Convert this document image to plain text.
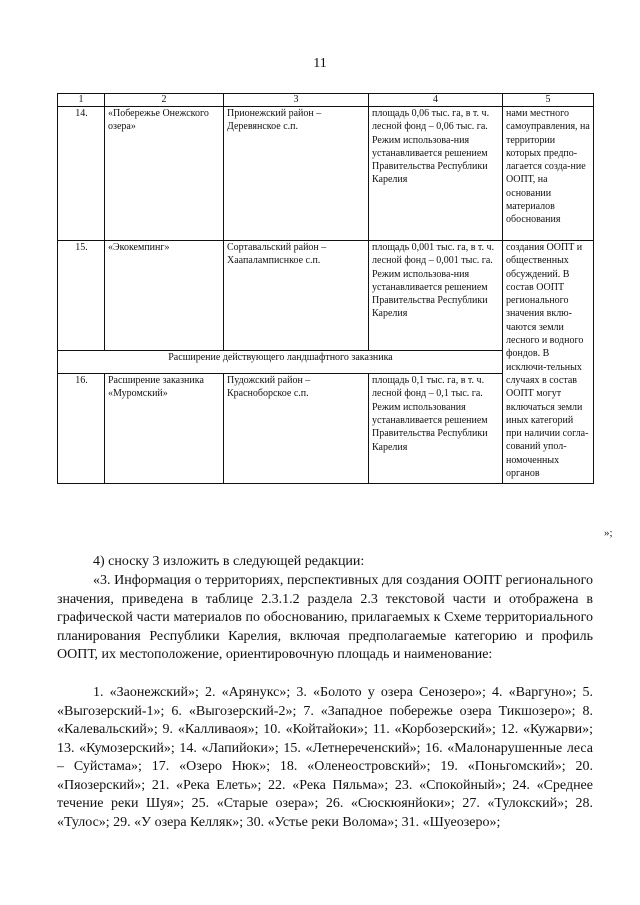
11
1	2	3	4	5
14.	«Побережье Онежского озера»	Прионежский район – Деревянское с.п.	площадь 0,06 тыс. га, в т. ч. лесной фонд – 0,06 тыс. га. Режим использова-ния устанавливается решением Правительства Республики Карелия	нами местного самоуправления, на территории которых предпо-лагается созда-ние ООПТ, на основании материалов обоснования
15.	«Экокемпинг»	Сортавальский район – Хаапаламписнкое с.п.	площадь 0,001 тыс. га, в т. ч. лесной фонд – 0,001 тыс. га. Режим использова-ния устанавливается решением Правительства Республики Карелия	создания ООПТ и общественных обсуждений. В состав ООПТ регионального значения вклю-чаются земли лесного и водного фондов. В исключи-тельных случаях в состав ООПТ могут включаться земли иных категорий при наличии согла-сований упол-номоченных органов
Расширение действующего ландшафтного заказника				
16.	Расширение заказника «Муромский»	Пудожский район – Красноборское с.п.	площадь 0,1 тыс. га, в т. ч. лесной фонд – 0,1 тыс. га. Режим использования устанавливается решением Правительства Республики Карелия	
»;
4) сноску 3 изложить в следующей редакции:
«3. Информация о территориях, перспективных для создания ООПТ регионального значения, приведена в таблице 2.3.1.2 раздела 2.3 текстовой части и отображена в графической части материалов по обоснованию, прилагаемых к Схеме территориального планирования Республики Карелия, включая предполагаемые категорию и профиль ООПТ, их местоположение, ориентировочную площадь и наименование:
1. «Заонежский»; 2. «Арянукс»; 3. «Болото у озера Сенозеро»; 4. «Варгуно»; 5. «Выгозерский-1»; 6. «Выгозерский-2»; 7. «Западное побережье озера Тикшозеро»; 8. «Калевальский»; 9. «Калливаоя»; 10. «Койтайоки»; 11. «Корбозерский»; 12. «Кужарви»; 13. «Кумозерский»; 14. «Лапийоки»; 15. «Летнереченский»; 16. «Малонарушенные леса – Суйстама»; 17. «Озеро Нюк»; 18. «Оленеостровский»; 19. «Поньгомский»; 20. «Пяозерский»; 21. «Река Елеть»; 22. «Река Пяльма»; 23. «Спокойный»; 24. «Среднее течение реки Шуя»; 25. «Старые озера»; 26. «Сюскюянйоки»; 27. «Тулокский»; 28. «Тулос»; 29. «У озера Келляк»; 30. «Устье реки Волома»; 31. «Шуеозеро»;
